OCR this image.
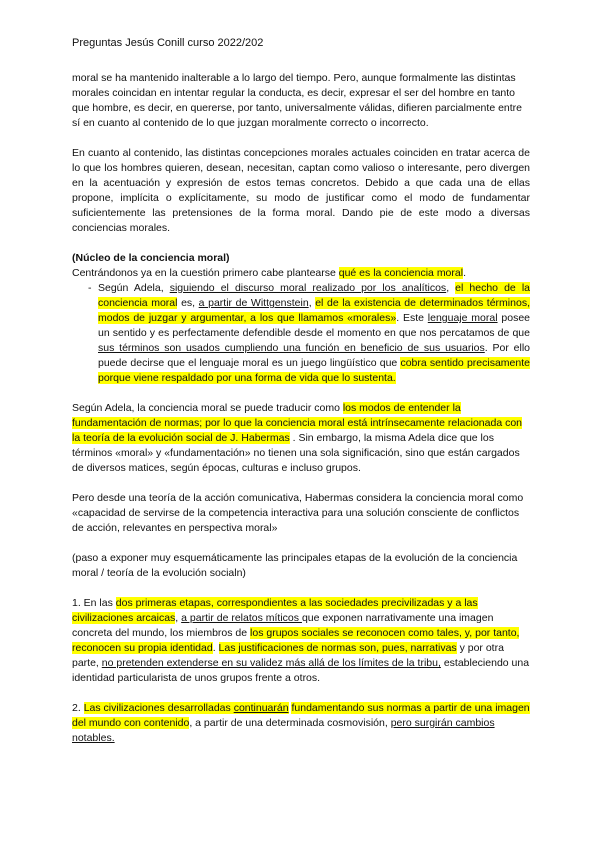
Preguntas Jesús Conill curso 2022/202

moral se ha mantenido inalterable a lo largo del tiempo. Pero, aunque formalmente las distintas morales coincidan en intentar regular la conducta, es decir, expresar el ser del hombre en tanto que hombre, es decir, en quererse, por tanto, universalmente válidas, difieren parcialmente entre sí en cuanto al contenido de lo que juzgan moralmente correcto o incorrecto.

En cuanto al contenido, las distintas concepciones morales actuales coinciden en tratar acerca de lo que los hombres quieren, desean, necesitan, captan como valioso o interesante, pero divergen en la acentuación y expresión de estos temas concretos. Debido a que cada una de ellas propone, implícita o explícitamente, su modo de justificar como el modo de fundamentar suficientemente las pretensiones de la forma moral. Dando pie de este modo a diversas conciencias morales.

(Núcleo de la conciencia moral)

Centrándonos ya en la cuestión primero cabe plantearse qué es la conciencia moral.

- Según Adela, siguiendo el discurso moral realizado por los analíticos, el hecho de la conciencia moral es, a partir de Wittgenstein, el de la existencia de determinados términos, modos de juzgar y argumentar, a los que llamamos «morales». Este lenguaje moral posee un sentido y es perfectamente defendible desde el momento en que nos percatamos de que sus términos son usados cumpliendo una función en beneficio de sus usuarios. Por ello puede decirse que el lenguaje moral es un juego lingüístico que cobra sentido precisamente porque viene respaldado por una forma de vida que lo sustenta.

Según Adela, la conciencia moral se puede traducir como los modos de entender la fundamentación de normas; por lo que la conciencia moral está intrínsecamente relacionada con la teoría de la evolución social de J. Habermas . Sin embargo, la misma Adela dice que los términos «moral» y «fundamentación» no tienen una sola significación, sino que están cargados de diversos matices, según épocas, culturas e incluso grupos.

Pero desde una teoría de la acción comunicativa, Habermas considera la conciencia moral como «capacidad de servirse de la competencia interactiva para una solución consciente de conflictos de acción, relevantes en perspectiva moral»

(paso a exponer muy esquemáticamente las principales etapas de la evolución de la conciencia moral / teoría de la evolución socialn)

1. En las dos primeras etapas, correspondientes a las sociedades precivilizadas y a las civilizaciones arcaicas, a partir de relatos míticos que exponen narrativamente una imagen concreta del mundo, los miembros de los grupos sociales se reconocen como tales, y, por tanto, reconocen su propia identidad. Las justificaciones de normas son, pues, narrativas y por otra parte, no pretenden extenderse en su validez más allá de los límites de la tribu, estableciendo una identidad particularista de unos grupos frente a otros.

2. Las civilizaciones desarrolladas continuarán fundamentando sus normas a partir de una imagen del mundo con contenido, a partir de una determinada cosmovisión, pero surgirán cambios notables.
